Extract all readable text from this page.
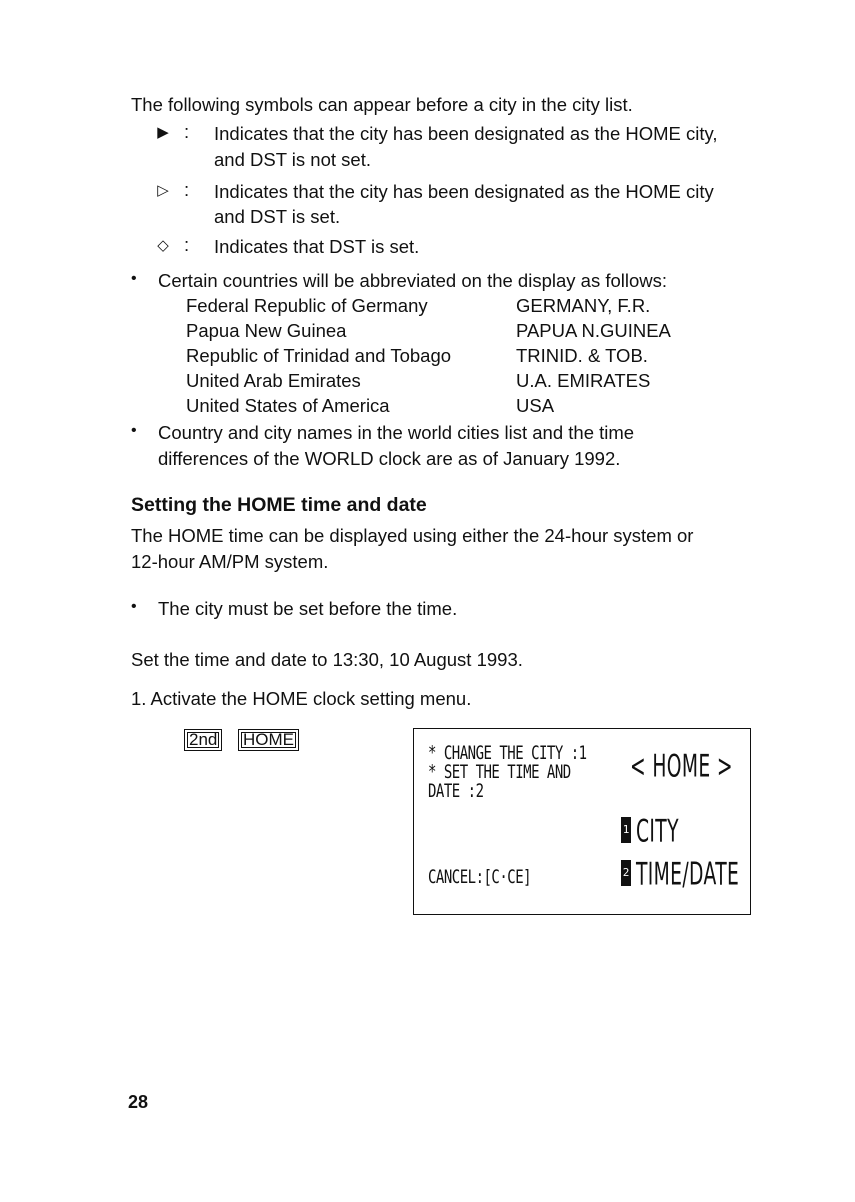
The following symbols can appear before a city in the city list.
▶ : Indicates that the city has been designated as the HOME city,
and DST is not set.
▷ : Indicates that the city has been designated as the HOME city
and DST is set.
◇ : Indicates that DST is set.
• Certain countries will be abbreviated on the display as follows:
Federal Republic of Germany	GERMANY, F.R.
Papua New Guinea	PAPUA N.GUINEA
Republic of Trinidad and Tobago	TRINID. & TOB.
United Arab Emirates	U.A. EMIRATES
United States of America	USA
• Country and city names in the world cities list and the time
differences of the WORLD clock are as of January 1992.
Setting the HOME time and date
The HOME time can be displayed using either the 24-hour system or
12-hour AM/PM system.
• The city must be set before the time.
Set the time and date to 13:30, 10 August 1993.
1. Activate the HOME clock setting menu.
2nd HOME
* CHANGE THE CITY :1
* SET THE TIME AND
DATE :2
< HOME >
1 CITY
2 TIME/DATE
CANCEL:[C·CE]
28
